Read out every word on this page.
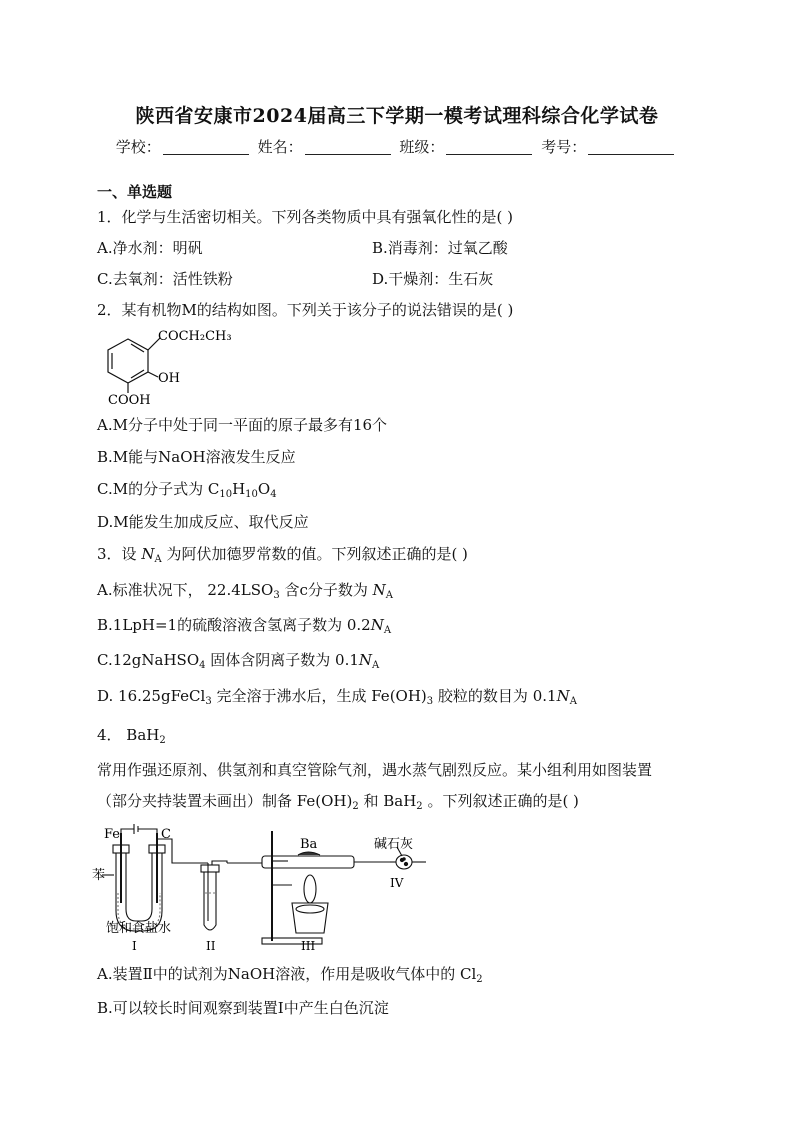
陕西省安康市2024届高三下学期一模考试理科综合化学试卷
学校：	姓名：	班级：	考号：
一、单选题
1．化学与生活密切相关。下列各类物质中具有强氧化性的是( )
A.净水剂：明矾	B.消毒剂：过氧乙酸
C.去氧剂：活性铁粉	D.干燥剂：生石灰
2．某有机物M的结构如图。下列关于该分子的说法错误的是( )
COCH₂CH₃
OH
COOH
A.M分子中处于同一平面的原子最多有16个
B.M能与NaOH溶液发生反应
C.M的分子式为 $C_{10}H_{10}O_4$
D.M能发生加成反应、取代反应
3．设 $N_A$ 为阿伏加德罗常数的值。下列叙述正确的是( )
A.标准状况下， $22.4LSO_3$ 含c分子数为 $N_A$
B.1LpH=1的硫酸溶液含氢离子数为 $0.2N_A$
C.12gNaHSO$_4$ 固体含阴离子数为 $0.1N_A$
D. 16.25gFeCl$_3$ 完全溶于沸水后，生成 $Fe(OH)_3$ 胶粒的数目为 $0.1N_A$
4． BaH$_2$
常用作强还原剂、供氢剂和真空管除气剂，遇水蒸气剧烈反应。某小组利用如图装置
（部分夹持装置未画出）制备 $Fe(OH)_2$ 和 BaH$_2$ 。下列叙述正确的是( )
Fe	C
苯
饱和食盐水
I	II
Ba
III
碱石灰
IV
A.装置Ⅱ中的试剂为NaOH溶液，作用是吸收气体中的 $Cl_2$
B.可以较长时间观察到装置Ⅰ中产生白色沉淀
